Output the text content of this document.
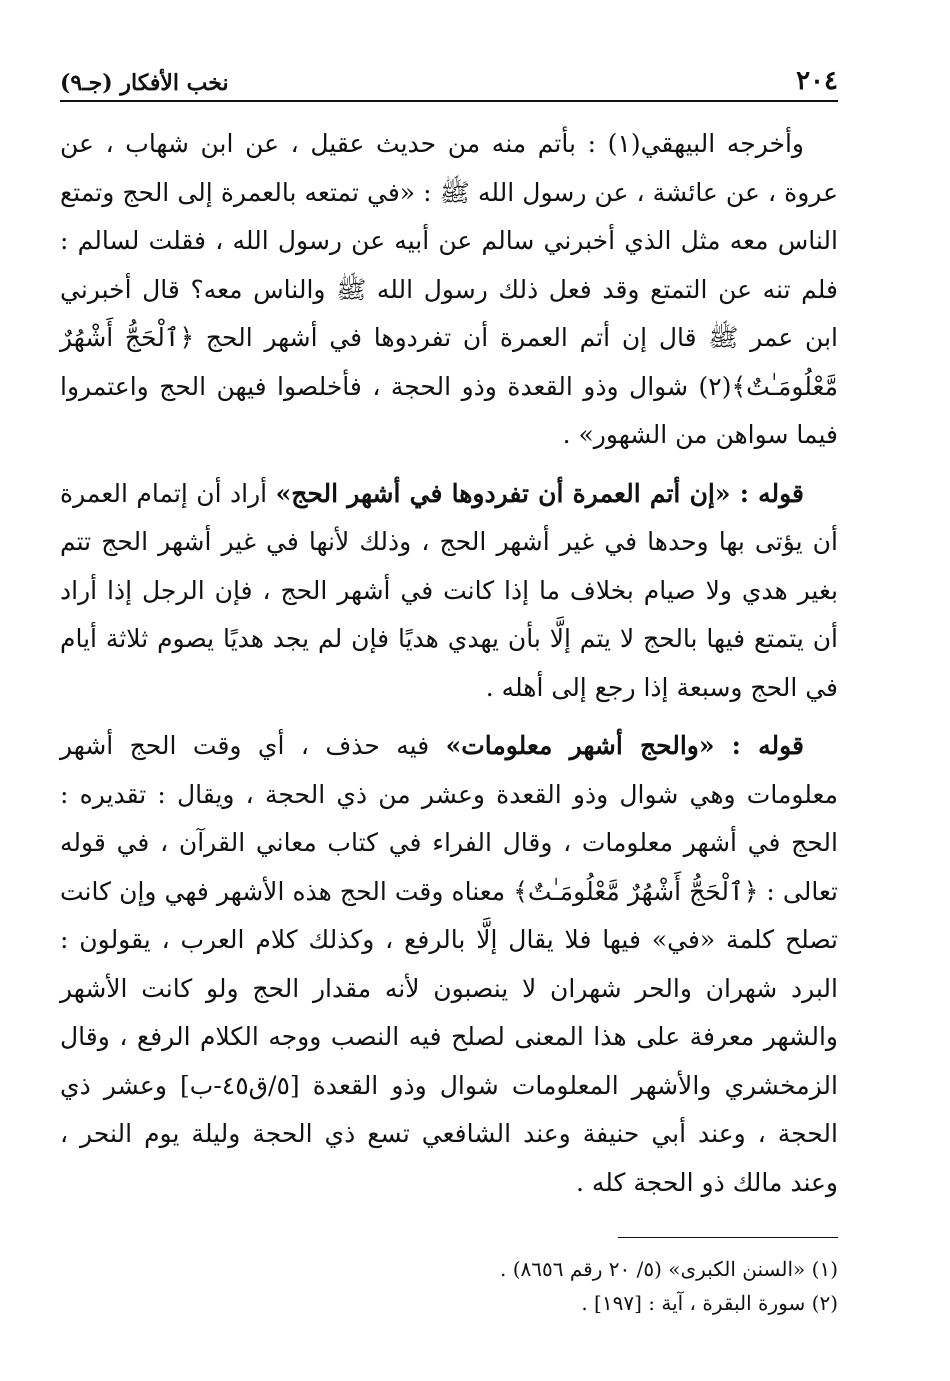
٢٠٤
نخب الأفكار (جـ٩)

وأخرجه البيهقي(١) : بأتم منه من حديث عقيل ، عن ابن شهاب ، عن عروة ، عن عائشة ، عن رسول الله ﷺ : «في تمتعه بالعمرة إلى الحج وتمتع الناس معه مثل الذي أخبرني سالم عن أبيه عن رسول الله ، فقلت لسالم : فلم تنه عن التمتع وقد فعل ذلك رسول الله ﷺ والناس معه؟ قال أخبرني ابن عمر ﷺ قال إن أتم العمرة أن تفردوها في أشهر الحج ﴿ٱلْحَجُّ أَشْهُرٌ مَّعْلُومَـٰتٌ﴾(٢) شوال وذو القعدة وذو الحجة ، فأخلصوا فيهن الحج واعتمروا فيما سواهن من الشهور» .

قوله : «إن أتم العمرة أن تفردوها في أشهر الحج» أراد أن إتمام العمرة أن يؤتى بها وحدها في غير أشهر الحج ، وذلك لأنها في غير أشهر الحج تتم بغير هدي ولا صيام بخلاف ما إذا كانت في أشهر الحج ، فإن الرجل إذا أراد أن يتمتع فيها بالحج لا يتم إلَّا بأن يهدي هديًا فإن لم يجد هديًا يصوم ثلاثة أيام في الحج وسبعة إذا رجع إلى أهله .

قوله : «والحج أشهر معلومات» فيه حذف ، أي وقت الحج أشهر معلومات وهي شوال وذو القعدة وعشر من ذي الحجة ، ويقال : تقديره : الحج في أشهر معلومات ، وقال الفراء في كتاب معاني القرآن ، في قوله تعالى : ﴿ٱلْحَجُّ أَشْهُرٌ مَّعْلُومَـٰتٌ﴾ معناه وقت الحج هذه الأشهر فهي وإن كانت تصلح كلمة «في» فيها فلا يقال إلَّا بالرفع ، وكذلك كلام العرب ، يقولون : البرد شهران والحر شهران لا ينصبون لأنه مقدار الحج ولو كانت الأشهر والشهر معرفة على هذا المعنى لصلح فيه النصب ووجه الكلام الرفع ، وقال الزمخشري والأشهر المعلومات شوال وذو القعدة [٥/ق٤٥-ب] وعشر ذي الحجة ، وعند أبي حنيفة وعند الشافعي تسع ذي الحجة وليلة يوم النحر ، وعند مالك ذو الحجة كله .

(١) «السنن الكبرى» (٥/ ٢٠ رقم ٨٦٥٦) .

(٢) سورة البقرة ، آية : [١٩٧] .
